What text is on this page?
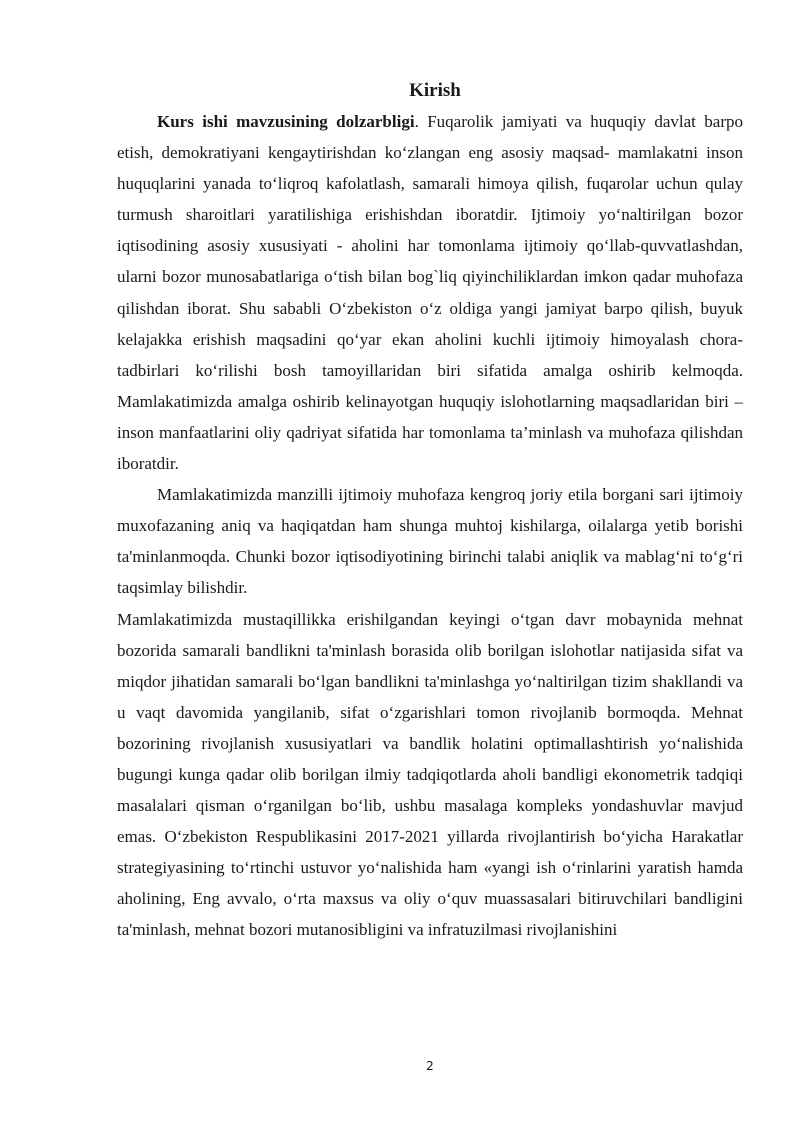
Kirish

Kurs ishi mavzusining dolzarbligi. Fuqarolik jamiyati va huquqiy davlat barpo etish, demokratiyani kengaytirishdan ko‘zlangan eng asosiy maqsad- mamlakatni inson huquqlarini yanada to‘liqroq kafolatlash, samarali himoya qilish, fuqarolar uchun qulay turmush sharoitlari yaratilishiga erishishdan iboratdir. Ijtimoiy yo‘naltirilgan bozor iqtisodining asosiy xususiyati - aholini har tomonlama ijtimoiy qo‘llab-quvvatlashdan, ularni bozor munosabatlariga o‘tish bilan bog`liq qiyinchiliklardan imkon qadar muhofaza qilishdan iborat. Shu sababli O‘zbekiston o‘z oldiga yangi jamiyat barpo qilish, buyuk kelajakka erishish maqsadini qo‘yar ekan aholini kuchli ijtimoiy himoyalash chora-tadbirlari ko‘rilishi bosh tamoyillaridan biri sifatida amalga oshirib kelmoqda. Mamlakatimizda amalga oshirib kelinayotgan huquqiy islohotlarning maqsadlaridan biri – inson manfaatlarini oliy qadriyat sifatida har tomonlama ta’minlash va muhofaza qilishdan iboratdir.

Mamlakatimizda manzilli ijtimoiy muhofaza kengroq joriy etila borgani sari ijtimoiy muxofazaning aniq va haqiqatdan ham shunga muhtoj kishilarga, oilalarga yetib borishi ta'minlanmoqda. Chunki bozor iqtisodiyotining birinchi talabi aniqlik va mablag‘ni to‘g‘ri taqsimlay bilishdir.

Mamlakatimizda mustaqillikka erishilgandan keyingi o‘tgan davr mobaynida mehnat bozorida samarali bandlikni ta'minlash borasida olib borilgan islohotlar natijasida sifat va miqdor jihatidan samarali bo‘lgan bandlikni ta'minlashga yo‘naltirilgan tizim shakllandi va u vaqt davomida yangilanib, sifat o‘zgarishlari tomon rivojlanib bormoqda. Mehnat bozorining rivojlanish xususiyatlari va bandlik holatini optimallashtirish yo‘nalishida bugungi kunga qadar olib borilgan ilmiy tadqiqotlarda aholi bandligi ekonometrik tadqiqi masalalari qisman o‘rganilgan bo‘lib, ushbu masalaga kompleks yondashuvlar mavjud emas. O‘zbekiston Respublikasini 2017-2021 yillarda rivojlantirish bo‘yicha Harakatlar strategiyasining to‘rtinchi ustuvor yo‘nalishida ham «yangi ish o‘rinlarini yaratish hamda aholining, Eng avvalo, o‘rta maxsus va oliy o‘quv muassasalari bitiruvchilari bandligini ta'minlash, mehnat bozori mutanosibligini va infratuzilmasi rivojlanishini

2
